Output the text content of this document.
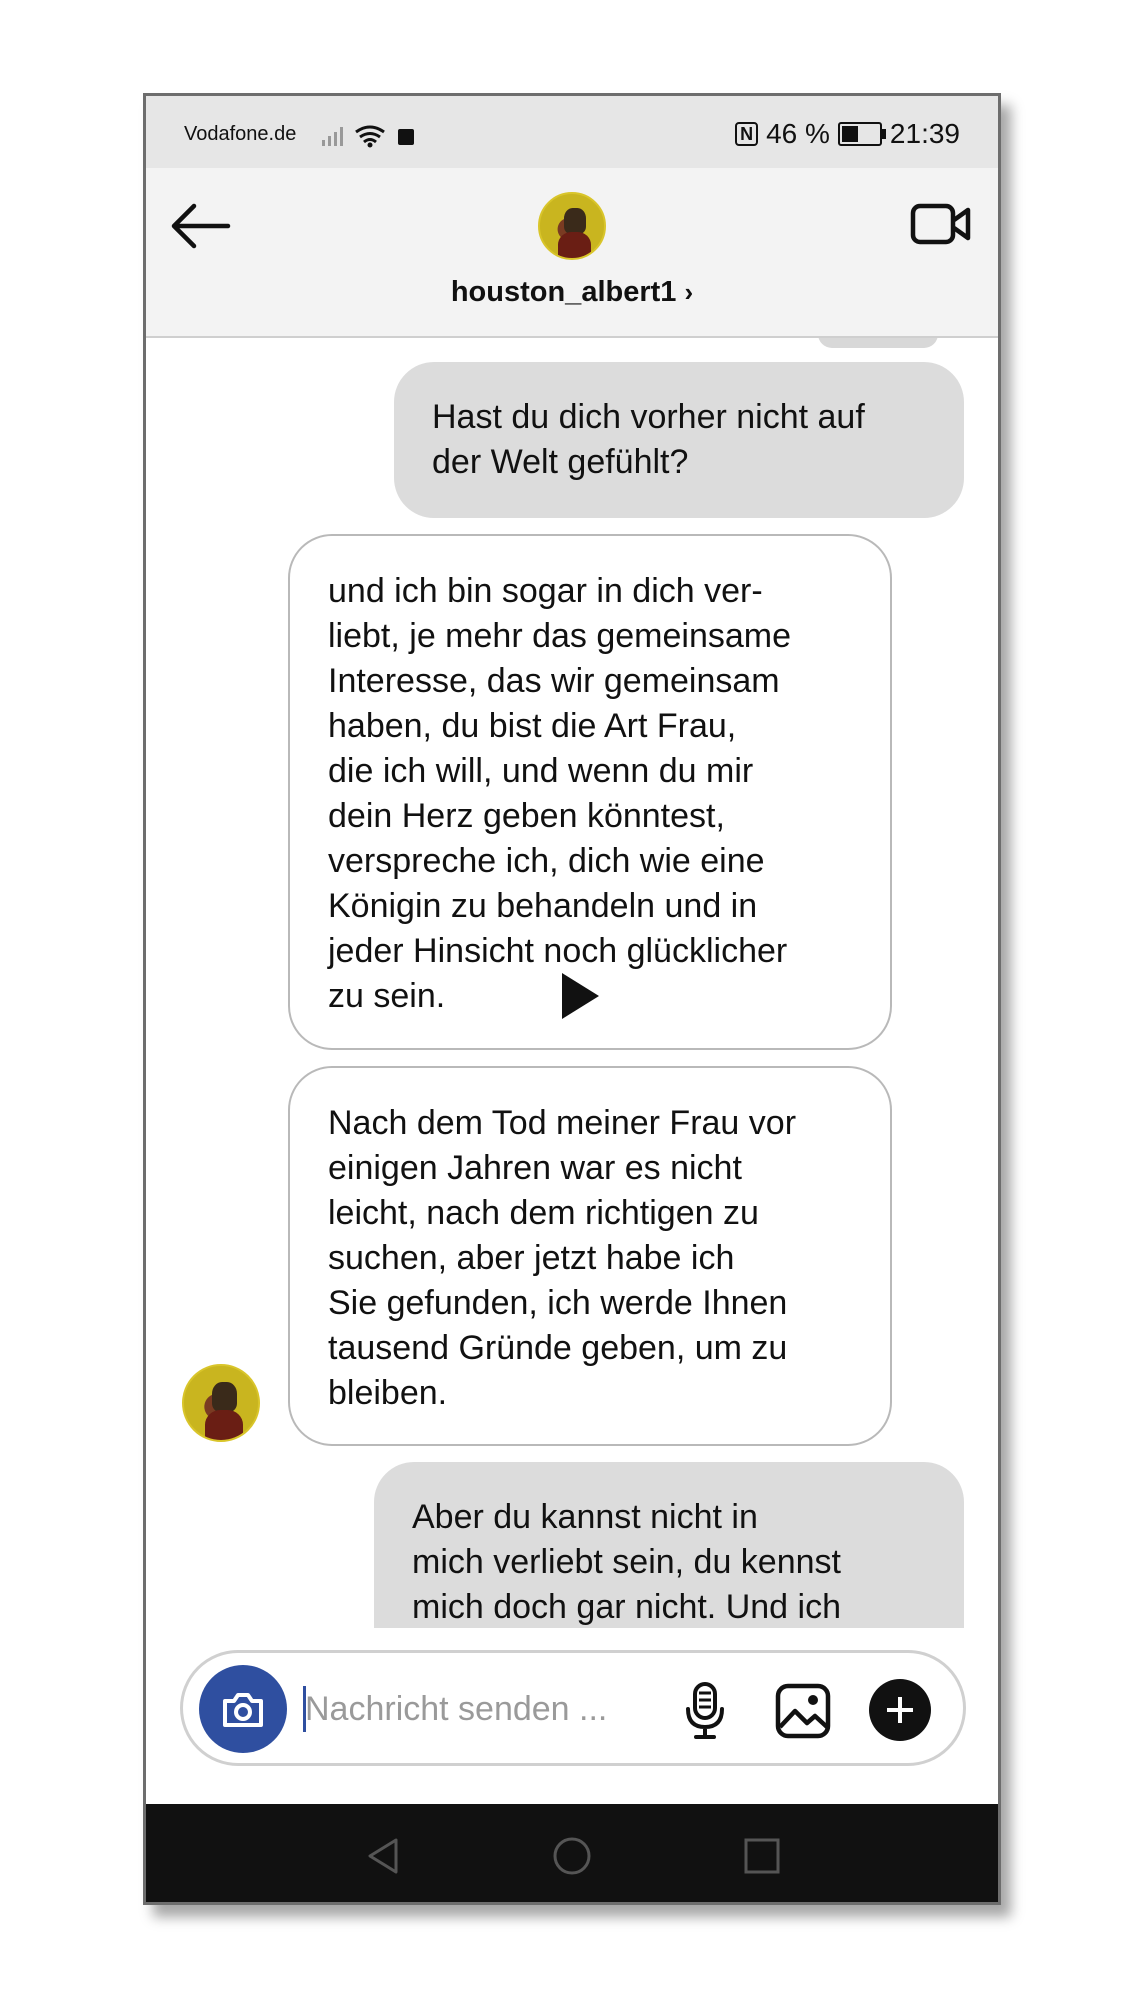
Vodafone.de	N 46 % 21:39
houston_albert1 ›
Hast du dich vorher nicht auf
der Welt gefühlt?
und ich bin sogar in dich ver-
liebt, je mehr das gemeinsame
Interesse, das wir gemeinsam
haben, du bist die Art Frau,
die ich will, und wenn du mir
dein Herz geben könntest,
verspreche ich, dich wie eine
Königin zu behandeln und in
jeder Hinsicht noch glücklicher
zu sein.
Nach dem Tod meiner Frau vor
einigen Jahren war es nicht
leicht, nach dem richtigen zu
suchen, aber jetzt habe ich
Sie gefunden, ich werde Ihnen
tausend Gründe geben, um zu
bleiben.
Aber du kannst nicht in
mich verliebt sein, du kennst
mich doch gar nicht. Und ich
Nachricht senden ...
